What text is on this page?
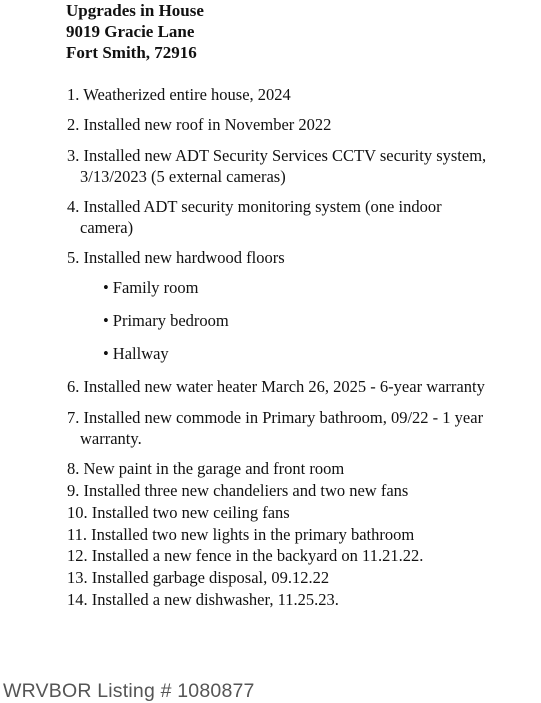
Upgrades in House
9019 Gracie Lane
Fort Smith, 72916
1. Weatherized entire house, 2024
2. Installed new roof in November 2022
3. Installed new ADT Security Services CCTV security system,
3/13/2023 (5 external cameras)
4. Installed ADT security monitoring system (one indoor
camera)
5. Installed new hardwood floors
• Family room
• Primary bedroom
• Hallway
6. Installed new water heater March 26, 2025 - 6-year warranty
7. Installed new commode in Primary bathroom, 09/22 - 1 year
warranty.
8. New paint in the garage and front room
9. Installed three new chandeliers and two new fans
10. Installed two new ceiling fans
11. Installed two new lights in the primary bathroom
12. Installed a new fence in the backyard on 11.21.22.
13. Installed garbage disposal, 09.12.22
14. Installed a new dishwasher, 11.25.23.
WRVBOR Listing # 1080877
